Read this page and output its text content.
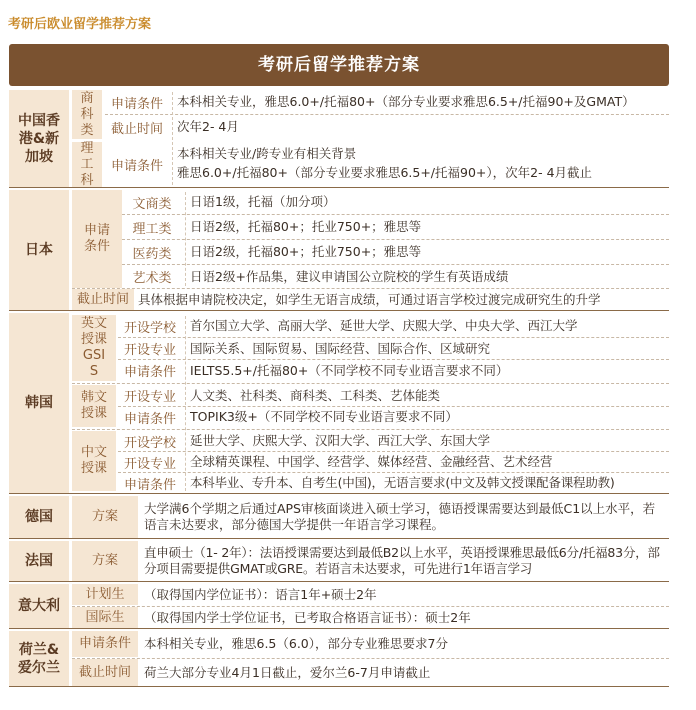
考研后欧业留学推荐方案
考研后留学推荐方案
中国香港&新加坡
商科类
申请条件	本科相关专业，雅思6.0+/托福80+（部分专业要求雅思6.5+/托福90+及GMAT）
截止时间	次年2- 4月
理工科
申请条件
本科相关专业/跨专业有相关背景
雅思6.0+/托福80+（部分专业要求雅思6.5+/托福90+），次年2- 4月截止
日本
申请条件
文商类	日语1级，托福（加分项）
理工类	日语2级，托福80+；托业750+；雅思等
医药类	日语2级，托福80+；托业750+；雅思等
艺术类	日语2级+作品集，建议申请国公立院校的学生有英语成绩
截止时间 具体根据申请院校决定，如学生无语言成绩，可通过语言学校过渡完成研究生的升学
韩国
英文授课GSIS
开设学校	首尔国立大学、高丽大学、延世大学、庆熙大学、中央大学、西江大学
开设专业	国际关系、国际贸易、国际经营、国际合作、区域研究
申请条件	IELTS5.5+/托福80+（不同学校不同专业语言要求不同）
韩文授课
开设专业	人文类、社科类、商科类、工科类、艺体能类
申请条件	TOPIK3级+（不同学校不同专业语言要求不同）
中文授课
开设学校	延世大学、庆熙大学、汉阳大学、西江大学、东国大学
开设专业	全球精英课程、中国学、经营学、媒体经营、金融经营、艺术经营
申请条件	本科毕业、专升本、自考生(中国)，无语言要求(中文及韩文授课配备课程助教)
德国	方案
大学满6个学期之后通过APS审核面谈进入硕士学习，德语授课需要达到最低C1以上水平，若语言未达要求，部分德国大学提供一年语言学习课程。
法国	方案
直申硕士（1- 2年）：法语授课需要达到最低B2以上水平，英语授课雅思最低6分/托福83分，部分项目需要提供GMAT或GRE。若语言未达要求，可先进行1年语言学习
意大利
计划生	（取得国内学位证书）：语言1年+硕士2年
国际生	（取得国内学士学位证书，已考取合格语言证书）：硕士2年
荷兰&爱尔兰
申请条件	本科相关专业，雅思6.5（6.0），部分专业雅思要求7分
截止时间	荷兰大部分专业4月1日截止，爱尔兰6-7月申请截止
